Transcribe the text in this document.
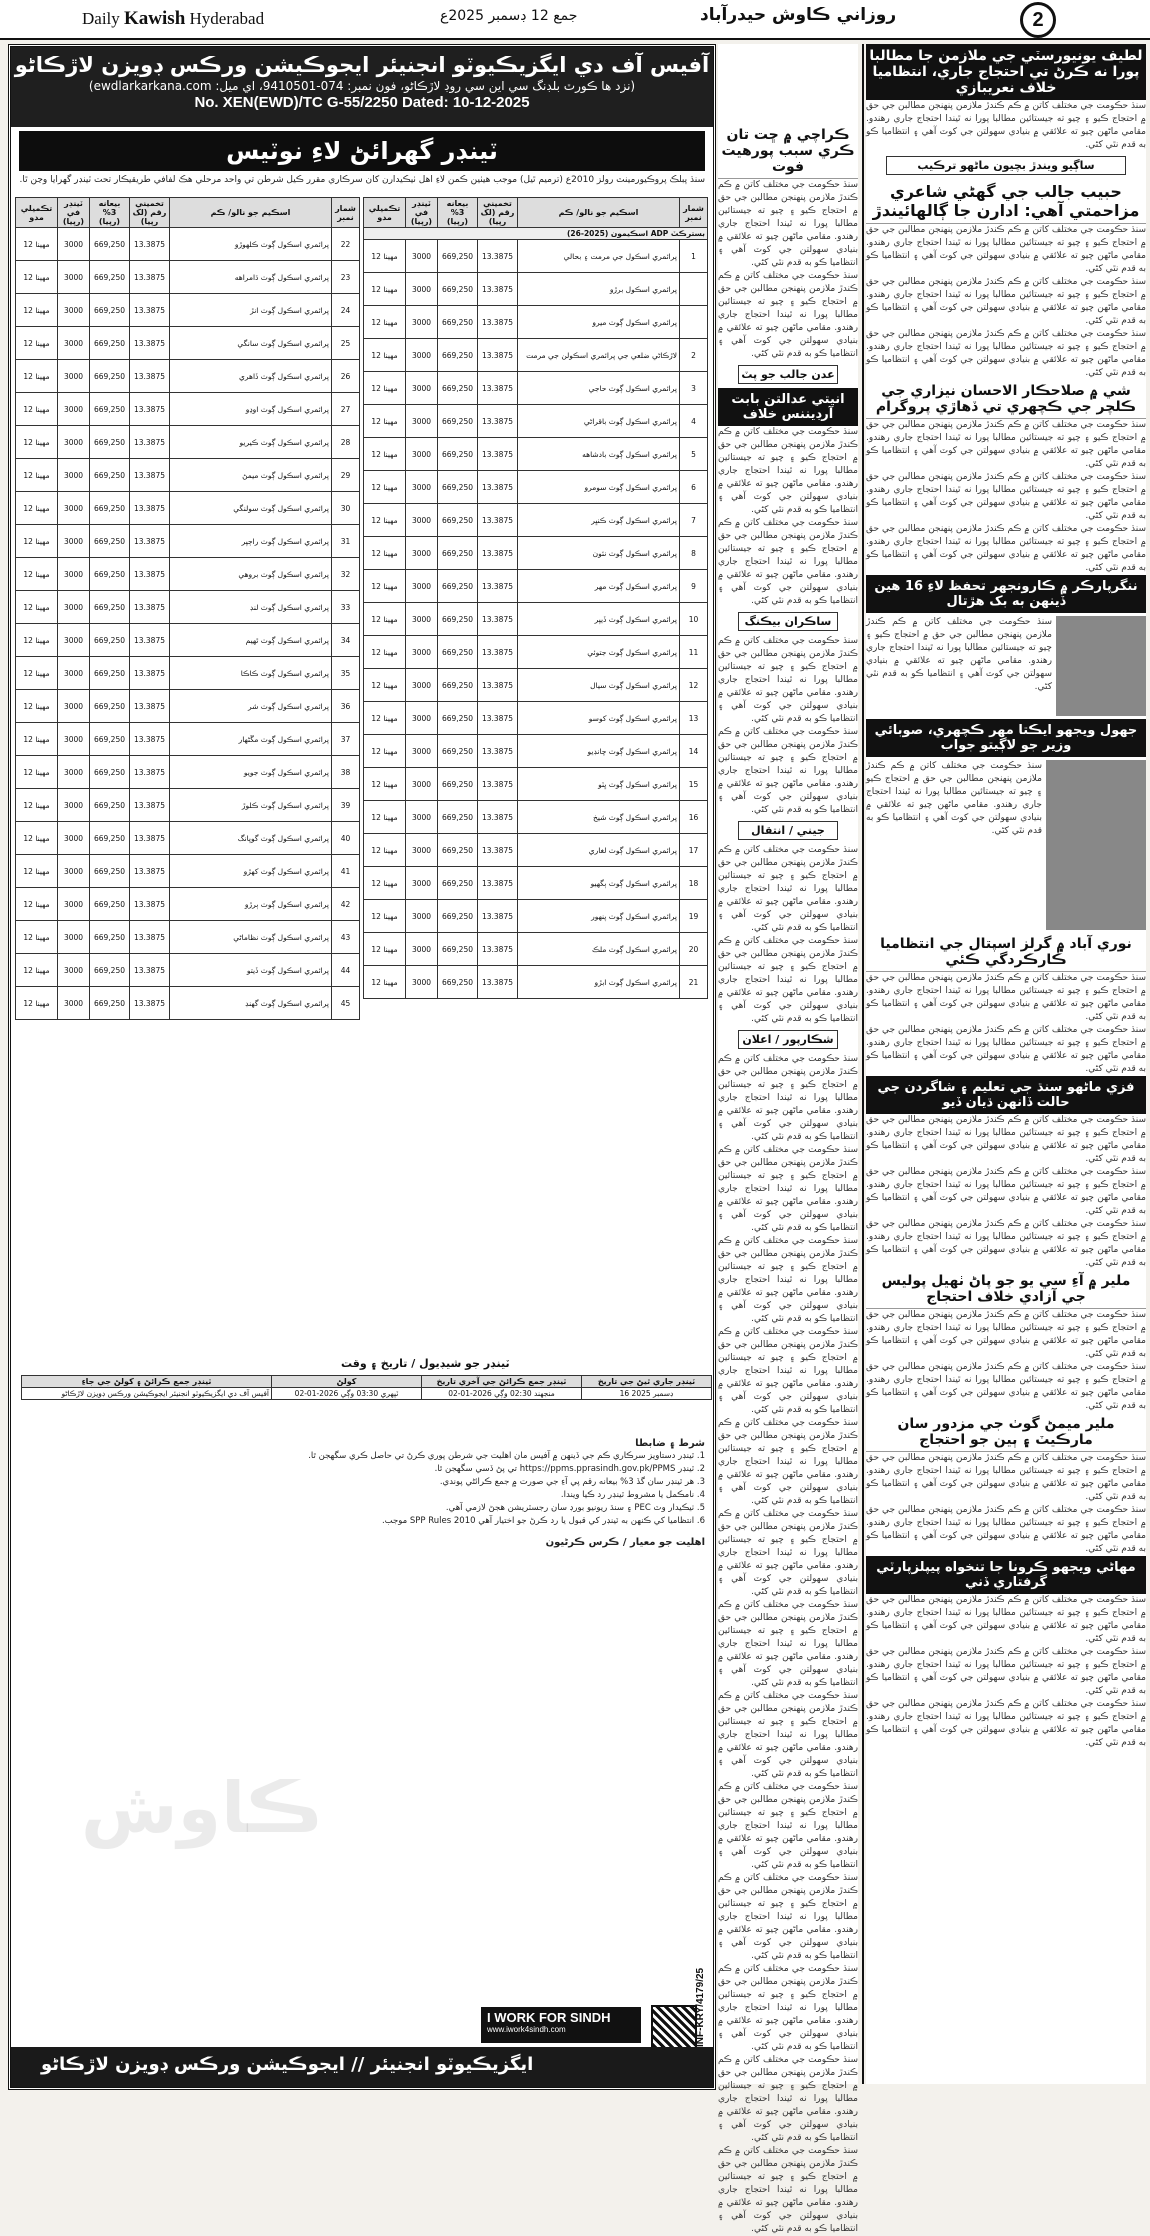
Daily Kawish Hyderabad	جمع 12 ڊسمبر 2025ع	روزاني ڪاوش حيدرآباد	2
آفيس آف دي ايگزيڪيوٽو انجنيئر ايجوڪيشن ورڪس ڊويزن لاڙڪاڻو
(ewdlarkarkana.com :نزد ها ڪورٽ بلڊنگ سي اين سي روڊ لاڙڪاڻو، فون نمبر: 074-9410501، اي ميل)
No. XEN(EWD)/TC G-55/2250 Dated: 10-12-2025
ٽينڊر گهرائڻ لاءِ نوٽيس
سنڌ پبلڪ پروڪيورمينٽ رولز 2010ع (ترميم ٿيل) موجب هيٺين ڪمن لاءِ اهل ٺيڪيدارن کان سرڪاري مقرر ڪيل شرطن تي واحد مرحلي هڪ لفافي طريقيڪار تحت ٽينڊر گهرايا وڃن ٿا.
تڪميلي مدو	ٽينڊر في (رپيا)	بيعانه 3% (رپيا)	تخميني رقم (لک رپيا)	اسڪيم جو نالو/ ڪم	شمار نمبر
12 مهينا	3000	669,250	13.3875	پرائمري اسڪول ڳوٺ ڪلهوڙو	22
12 مهينا	3000	669,250	13.3875	پرائمري اسڪول ڳوٺ ڌامراهه	23
12 مهينا	3000	669,250	13.3875	پرائمري اسڪول ڳوٺ انڙ	24
12 مهينا	3000	669,250	13.3875	پرائمري اسڪول ڳوٺ سانگي	25
12 مهينا	3000	669,250	13.3875	پرائمري اسڪول ڳوٺ ڏاهري	26
12 مهينا	3000	669,250	13.3875	پرائمري اسڪول ڳوٺ اوڍو	27
12 مهينا	3000	669,250	13.3875	پرائمري اسڪول ڳوٺ ڪيريو	28
12 مهينا	3000	669,250	13.3875	پرائمري اسڪول ڳوٺ ميمڻ	29
12 مهينا	3000	669,250	13.3875	پرائمري اسڪول ڳوٺ سولنگي	30
12 مهينا	3000	669,250	13.3875	پرائمري اسڪول ڳوٺ راڄپر	31
12 مهينا	3000	669,250	13.3875	پرائمري اسڪول ڳوٺ بروهي	32
12 مهينا	3000	669,250	13.3875	پرائمري اسڪول ڳوٺ لنڊ	33
12 مهينا	3000	669,250	13.3875	پرائمري اسڪول ڳوٺ ٿهيم	34
12 مهينا	3000	669,250	13.3875	پرائمري اسڪول ڳوٺ ڪاڪا	35
12 مهينا	3000	669,250	13.3875	پرائمري اسڪول ڳوٺ شر	36
12 مهينا	3000	669,250	13.3875	پرائمري اسڪول ڳوٺ مڱڻهار	37
12 مهينا	3000	669,250	13.3875	پرائمري اسڪول ڳوٺ جويو	38
12 مهينا	3000	669,250	13.3875	پرائمري اسڪول ڳوٺ ڪلوڙ	39
12 مهينا	3000	669,250	13.3875	پرائمري اسڪول ڳوٺ گوپانگ	40
12 مهينا	3000	669,250	13.3875	پرائمري اسڪول ڳوٺ کهڙو	41
12 مهينا	3000	669,250	13.3875	پرائمري اسڪول ڳوٺ ٻرڙو	42
12 مهينا	3000	669,250	13.3875	پرائمري اسڪول ڳوٺ نظاماڻي	43
12 مهينا	3000	669,250	13.3875	پرائمري اسڪول ڳوٺ ڏيتو	44
12 مهينا	3000	669,250	13.3875	پرائمري اسڪول ڳوٺ گهنڊ	45
تڪميلي مدو	ٽينڊر في (رپيا)	بيعانه 3% (رپيا)	تخميني رقم (لک رپيا)	اسڪيم جو نالو/ ڪم	شمار نمبر
بسترڪٽ ADP اسڪيمون (2025-26)					
12 مهينا	3000	669,250	13.3875	پرائمري اسڪول جي مرمت ۽ بحالي	1
12 مهينا	3000	669,250	13.3875	پرائمري اسڪول برڙو	
12 مهينا	3000	669,250	13.3875	پرائمري اسڪول ڳوٺ ميرو	
12 مهينا	3000	669,250	13.3875	لاڙڪاڻي ضلعي جي پرائمري اسڪولن جي مرمت	2
12 مهينا	3000	669,250	13.3875	پرائمري اسڪول ڳوٺ حاجي	3
12 مهينا	3000	669,250	13.3875	پرائمري اسڪول ڳوٺ باقراڻي	4
12 مهينا	3000	669,250	13.3875	پرائمري اسڪول ڳوٺ بادشاهه	5
12 مهينا	3000	669,250	13.3875	پرائمري اسڪول ڳوٺ سومرو	6
12 مهينا	3000	669,250	13.3875	پرائمري اسڪول ڳوٺ ڪنڀر	7
12 مهينا	3000	669,250	13.3875	پرائمري اسڪول ڳوٺ نئون	8
12 مهينا	3000	669,250	13.3875	پرائمري اسڪول ڳوٺ مهر	9
12 مهينا	3000	669,250	13.3875	پرائمري اسڪول ڳوٺ ڏيپر	10
12 مهينا	3000	669,250	13.3875	پرائمري اسڪول ڳوٺ جتوئي	11
12 مهينا	3000	669,250	13.3875	پرائمري اسڪول ڳوٺ سيال	12
12 مهينا	3000	669,250	13.3875	پرائمري اسڪول ڳوٺ کوسو	13
12 مهينا	3000	669,250	13.3875	پرائمري اسڪول ڳوٺ چانڊيو	14
12 مهينا	3000	669,250	13.3875	پرائمري اسڪول ڳوٺ ڀٽو	15
12 مهينا	3000	669,250	13.3875	پرائمري اسڪول ڳوٺ شيخ	16
12 مهينا	3000	669,250	13.3875	پرائمري اسڪول ڳوٺ لغاري	17
12 مهينا	3000	669,250	13.3875	پرائمري اسڪول ڳوٺ ٻگهيو	18
12 مهينا	3000	669,250	13.3875	پرائمري اسڪول ڳوٺ پنهور	19
12 مهينا	3000	669,250	13.3875	پرائمري اسڪول ڳوٺ ملڪ	20
12 مهينا	3000	669,250	13.3875	پرائمري اسڪول ڳوٺ ابڙو	21
ٽينڊر جو شيڊيول / تاريخ ۽ وقت
ٽينڊر جمع ڪرائڻ ۽ کولڻ جي جاءِ	کولڻ	ٽينڊر جمع ڪرائڻ جي آخري تاريخ	ٽينڊر جاري ٿيڻ جي تاريخ
آفيس آف دي ايگزيڪيوٽو انجنيئر ايجوڪيشن ورڪس ڊويزن لاڙڪاڻو	02-01-2026 ٽپهري 03:30 وڳي	02-01-2026 منجهند 02:30 وڳي	16 ڊسمبر 2025
شرط ۽ ضابطا
1. ٽينڊر دستاويز سرڪاري ڪم جي ڏينهن ۾ آفيس مان اهليت جي شرطن پوري ڪرڻ تي حاصل ڪري سگهجن ٿا.
2. ٽينڊر https://ppms.pprasindh.gov.pk/PPMS تي پڻ ڏسي سگهجن ٿا.
3. هر ٽينڊر سان گڏ 3% بيعانه رقم پي آءِ جي صورت ۾ جمع ڪرائڻي پوندي.
4. نامڪمل يا مشروط ٽينڊر رد ڪيا ويندا.
5. ٺيڪيدار وٽ PEC ۽ سنڌ ريونيو بورڊ سان رجسٽريشن هجڻ لازمي آهي.
6. انتظاميا کي ڪنهن به ٽينڊر کي قبول يا رد ڪرڻ جو اختيار آهي SPP Rules 2010 موجب.
اهليت جو معيار / ڪرس ڪرڻيون
ڪاوش
I WORK FOR SINDH
www.iwork4sindh.com	INF-KRY/4179/25
ايگزيڪيوٽو انجنيئر // ايجوڪيشن ورڪس ڊويزن لاڙڪاڻو
ڪراچي ۾ ڇت تان ڪري سبب پورهيت فوت

سنڌ حڪومت جي مختلف کاتن ۾ ڪم ڪندڙ ملازمن پنهنجن مطالبن جي حق ۾ احتجاج ڪيو ۽ چيو ته جيستائين مطالبا پورا نه ٿيندا احتجاج جاري رهندو. مقامي ماڻهن چيو ته علائقي ۾ بنيادي سهولتن جي کوٽ آهي ۽ انتظاميا ڪو به قدم نٿي کڻي.

سنڌ حڪومت جي مختلف کاتن ۾ ڪم ڪندڙ ملازمن پنهنجن مطالبن جي حق ۾ احتجاج ڪيو ۽ چيو ته جيستائين مطالبا پورا نه ٿيندا احتجاج جاري رهندو. مقامي ماڻهن چيو ته علائقي ۾ بنيادي سهولتن جي کوٽ آهي ۽ انتظاميا ڪو به قدم نٿي کڻي.

عدن جالب جو پٽ
انيتي عدالتن بابت آرڊيننس خلاف

سنڌ حڪومت جي مختلف کاتن ۾ ڪم ڪندڙ ملازمن پنهنجن مطالبن جي حق ۾ احتجاج ڪيو ۽ چيو ته جيستائين مطالبا پورا نه ٿيندا احتجاج جاري رهندو. مقامي ماڻهن چيو ته علائقي ۾ بنيادي سهولتن جي کوٽ آهي ۽ انتظاميا ڪو به قدم نٿي کڻي.

سنڌ حڪومت جي مختلف کاتن ۾ ڪم ڪندڙ ملازمن پنهنجن مطالبن جي حق ۾ احتجاج ڪيو ۽ چيو ته جيستائين مطالبا پورا نه ٿيندا احتجاج جاري رهندو. مقامي ماڻهن چيو ته علائقي ۾ بنيادي سهولتن جي کوٽ آهي ۽ انتظاميا ڪو به قدم نٿي کڻي.

ساڪران بيڪنگ

سنڌ حڪومت جي مختلف کاتن ۾ ڪم ڪندڙ ملازمن پنهنجن مطالبن جي حق ۾ احتجاج ڪيو ۽ چيو ته جيستائين مطالبا پورا نه ٿيندا احتجاج جاري رهندو. مقامي ماڻهن چيو ته علائقي ۾ بنيادي سهولتن جي کوٽ آهي ۽ انتظاميا ڪو به قدم نٿي کڻي.

سنڌ حڪومت جي مختلف کاتن ۾ ڪم ڪندڙ ملازمن پنهنجن مطالبن جي حق ۾ احتجاج ڪيو ۽ چيو ته جيستائين مطالبا پورا نه ٿيندا احتجاج جاري رهندو. مقامي ماڻهن چيو ته علائقي ۾ بنيادي سهولتن جي کوٽ آهي ۽ انتظاميا ڪو به قدم نٿي کڻي.

جيني / انتقال

سنڌ حڪومت جي مختلف کاتن ۾ ڪم ڪندڙ ملازمن پنهنجن مطالبن جي حق ۾ احتجاج ڪيو ۽ چيو ته جيستائين مطالبا پورا نه ٿيندا احتجاج جاري رهندو. مقامي ماڻهن چيو ته علائقي ۾ بنيادي سهولتن جي کوٽ آهي ۽ انتظاميا ڪو به قدم نٿي کڻي.

سنڌ حڪومت جي مختلف کاتن ۾ ڪم ڪندڙ ملازمن پنهنجن مطالبن جي حق ۾ احتجاج ڪيو ۽ چيو ته جيستائين مطالبا پورا نه ٿيندا احتجاج جاري رهندو. مقامي ماڻهن چيو ته علائقي ۾ بنيادي سهولتن جي کوٽ آهي ۽ انتظاميا ڪو به قدم نٿي کڻي.

شڪارپور / اعلان

سنڌ حڪومت جي مختلف کاتن ۾ ڪم ڪندڙ ملازمن پنهنجن مطالبن جي حق ۾ احتجاج ڪيو ۽ چيو ته جيستائين مطالبا پورا نه ٿيندا احتجاج جاري رهندو. مقامي ماڻهن چيو ته علائقي ۾ بنيادي سهولتن جي کوٽ آهي ۽ انتظاميا ڪو به قدم نٿي کڻي.

سنڌ حڪومت جي مختلف کاتن ۾ ڪم ڪندڙ ملازمن پنهنجن مطالبن جي حق ۾ احتجاج ڪيو ۽ چيو ته جيستائين مطالبا پورا نه ٿيندا احتجاج جاري رهندو. مقامي ماڻهن چيو ته علائقي ۾ بنيادي سهولتن جي کوٽ آهي ۽ انتظاميا ڪو به قدم نٿي کڻي.

سنڌ حڪومت جي مختلف کاتن ۾ ڪم ڪندڙ ملازمن پنهنجن مطالبن جي حق ۾ احتجاج ڪيو ۽ چيو ته جيستائين مطالبا پورا نه ٿيندا احتجاج جاري رهندو. مقامي ماڻهن چيو ته علائقي ۾ بنيادي سهولتن جي کوٽ آهي ۽ انتظاميا ڪو به قدم نٿي کڻي.

سنڌ حڪومت جي مختلف کاتن ۾ ڪم ڪندڙ ملازمن پنهنجن مطالبن جي حق ۾ احتجاج ڪيو ۽ چيو ته جيستائين مطالبا پورا نه ٿيندا احتجاج جاري رهندو. مقامي ماڻهن چيو ته علائقي ۾ بنيادي سهولتن جي کوٽ آهي ۽ انتظاميا ڪو به قدم نٿي کڻي.

سنڌ حڪومت جي مختلف کاتن ۾ ڪم ڪندڙ ملازمن پنهنجن مطالبن جي حق ۾ احتجاج ڪيو ۽ چيو ته جيستائين مطالبا پورا نه ٿيندا احتجاج جاري رهندو. مقامي ماڻهن چيو ته علائقي ۾ بنيادي سهولتن جي کوٽ آهي ۽ انتظاميا ڪو به قدم نٿي کڻي.

سنڌ حڪومت جي مختلف کاتن ۾ ڪم ڪندڙ ملازمن پنهنجن مطالبن جي حق ۾ احتجاج ڪيو ۽ چيو ته جيستائين مطالبا پورا نه ٿيندا احتجاج جاري رهندو. مقامي ماڻهن چيو ته علائقي ۾ بنيادي سهولتن جي کوٽ آهي ۽ انتظاميا ڪو به قدم نٿي کڻي.

سنڌ حڪومت جي مختلف کاتن ۾ ڪم ڪندڙ ملازمن پنهنجن مطالبن جي حق ۾ احتجاج ڪيو ۽ چيو ته جيستائين مطالبا پورا نه ٿيندا احتجاج جاري رهندو. مقامي ماڻهن چيو ته علائقي ۾ بنيادي سهولتن جي کوٽ آهي ۽ انتظاميا ڪو به قدم نٿي کڻي.

سنڌ حڪومت جي مختلف کاتن ۾ ڪم ڪندڙ ملازمن پنهنجن مطالبن جي حق ۾ احتجاج ڪيو ۽ چيو ته جيستائين مطالبا پورا نه ٿيندا احتجاج جاري رهندو. مقامي ماڻهن چيو ته علائقي ۾ بنيادي سهولتن جي کوٽ آهي ۽ انتظاميا ڪو به قدم نٿي کڻي.

سنڌ حڪومت جي مختلف کاتن ۾ ڪم ڪندڙ ملازمن پنهنجن مطالبن جي حق ۾ احتجاج ڪيو ۽ چيو ته جيستائين مطالبا پورا نه ٿيندا احتجاج جاري رهندو. مقامي ماڻهن چيو ته علائقي ۾ بنيادي سهولتن جي کوٽ آهي ۽ انتظاميا ڪو به قدم نٿي کڻي.

سنڌ حڪومت جي مختلف کاتن ۾ ڪم ڪندڙ ملازمن پنهنجن مطالبن جي حق ۾ احتجاج ڪيو ۽ چيو ته جيستائين مطالبا پورا نه ٿيندا احتجاج جاري رهندو. مقامي ماڻهن چيو ته علائقي ۾ بنيادي سهولتن جي کوٽ آهي ۽ انتظاميا ڪو به قدم نٿي کڻي.

سنڌ حڪومت جي مختلف کاتن ۾ ڪم ڪندڙ ملازمن پنهنجن مطالبن جي حق ۾ احتجاج ڪيو ۽ چيو ته جيستائين مطالبا پورا نه ٿيندا احتجاج جاري رهندو. مقامي ماڻهن چيو ته علائقي ۾ بنيادي سهولتن جي کوٽ آهي ۽ انتظاميا ڪو به قدم نٿي کڻي.

سنڌ حڪومت جي مختلف کاتن ۾ ڪم ڪندڙ ملازمن پنهنجن مطالبن جي حق ۾ احتجاج ڪيو ۽ چيو ته جيستائين مطالبا پورا نه ٿيندا احتجاج جاري رهندو. مقامي ماڻهن چيو ته علائقي ۾ بنيادي سهولتن جي کوٽ آهي ۽ انتظاميا ڪو به قدم نٿي کڻي.

سنڌ حڪومت جي مختلف کاتن ۾ ڪم ڪندڙ ملازمن پنهنجن مطالبن جي حق ۾ احتجاج ڪيو ۽ چيو ته جيستائين مطالبا پورا نه ٿيندا احتجاج جاري رهندو. مقامي ماڻهن چيو ته علائقي ۾ بنيادي سهولتن جي کوٽ آهي ۽ انتظاميا ڪو به قدم نٿي کڻي.

لطيف يونيورسٽي جي ملازمن جا مطالبا پورا نه ڪرڻ تي احتجاج جاري، انتظاميا خلاف نعريبازي

سنڌ حڪومت جي مختلف کاتن ۾ ڪم ڪندڙ ملازمن پنهنجن مطالبن جي حق ۾ احتجاج ڪيو ۽ چيو ته جيستائين مطالبا پورا نه ٿيندا احتجاج جاري رهندو. مقامي ماڻهن چيو ته علائقي ۾ بنيادي سهولتن جي کوٽ آهي ۽ انتظاميا ڪو به قدم نٿي کڻي.

ساڳيو ويندڙ بچيون ماڻهو ترڪيب
حبيب جالب جي گهڻي شاعري مزاحمتي آهي: ادارن جا ڳالهائيندڙ

سنڌ حڪومت جي مختلف کاتن ۾ ڪم ڪندڙ ملازمن پنهنجن مطالبن جي حق ۾ احتجاج ڪيو ۽ چيو ته جيستائين مطالبا پورا نه ٿيندا احتجاج جاري رهندو. مقامي ماڻهن چيو ته علائقي ۾ بنيادي سهولتن جي کوٽ آهي ۽ انتظاميا ڪو به قدم نٿي کڻي.

سنڌ حڪومت جي مختلف کاتن ۾ ڪم ڪندڙ ملازمن پنهنجن مطالبن جي حق ۾ احتجاج ڪيو ۽ چيو ته جيستائين مطالبا پورا نه ٿيندا احتجاج جاري رهندو. مقامي ماڻهن چيو ته علائقي ۾ بنيادي سهولتن جي کوٽ آهي ۽ انتظاميا ڪو به قدم نٿي کڻي.

سنڌ حڪومت جي مختلف کاتن ۾ ڪم ڪندڙ ملازمن پنهنجن مطالبن جي حق ۾ احتجاج ڪيو ۽ چيو ته جيستائين مطالبا پورا نه ٿيندا احتجاج جاري رهندو. مقامي ماڻهن چيو ته علائقي ۾ بنيادي سهولتن جي کوٽ آهي ۽ انتظاميا ڪو به قدم نٿي کڻي.

شي ۾ صلاحڪار الاحسان نيزاري جي ڪلچر جي ڪچهري تي ڏهاڙي پروگرام

سنڌ حڪومت جي مختلف کاتن ۾ ڪم ڪندڙ ملازمن پنهنجن مطالبن جي حق ۾ احتجاج ڪيو ۽ چيو ته جيستائين مطالبا پورا نه ٿيندا احتجاج جاري رهندو. مقامي ماڻهن چيو ته علائقي ۾ بنيادي سهولتن جي کوٽ آهي ۽ انتظاميا ڪو به قدم نٿي کڻي.

سنڌ حڪومت جي مختلف کاتن ۾ ڪم ڪندڙ ملازمن پنهنجن مطالبن جي حق ۾ احتجاج ڪيو ۽ چيو ته جيستائين مطالبا پورا نه ٿيندا احتجاج جاري رهندو. مقامي ماڻهن چيو ته علائقي ۾ بنيادي سهولتن جي کوٽ آهي ۽ انتظاميا ڪو به قدم نٿي کڻي.

سنڌ حڪومت جي مختلف کاتن ۾ ڪم ڪندڙ ملازمن پنهنجن مطالبن جي حق ۾ احتجاج ڪيو ۽ چيو ته جيستائين مطالبا پورا نه ٿيندا احتجاج جاري رهندو. مقامي ماڻهن چيو ته علائقي ۾ بنيادي سهولتن جي کوٽ آهي ۽ انتظاميا ڪو به قدم نٿي کڻي.

ننگرپارڪر ۾ ڪارونجهر تحفظ لاءِ 16 هين ڏينهن به بک هڙتال

سنڌ حڪومت جي مختلف کاتن ۾ ڪم ڪندڙ ملازمن پنهنجن مطالبن جي حق ۾ احتجاج ڪيو ۽ چيو ته جيستائين مطالبا پورا نه ٿيندا احتجاج جاري رهندو. مقامي ماڻهن چيو ته علائقي ۾ بنيادي سهولتن جي کوٽ آهي ۽ انتظاميا ڪو به قدم نٿي کڻي.

جهول ويجهو ايڪتا مهر ڪچهري، صوبائي وزير جو لاڳيتو جواب

سنڌ حڪومت جي مختلف کاتن ۾ ڪم ڪندڙ ملازمن پنهنجن مطالبن جي حق ۾ احتجاج ڪيو ۽ چيو ته جيستائين مطالبا پورا نه ٿيندا احتجاج جاري رهندو. مقامي ماڻهن چيو ته علائقي ۾ بنيادي سهولتن جي کوٽ آهي ۽ انتظاميا ڪو به قدم نٿي کڻي.

نوري آباد ۾ گرلز اسپتال جي انتظاميا ڪارڪردگي ڪئي

سنڌ حڪومت جي مختلف کاتن ۾ ڪم ڪندڙ ملازمن پنهنجن مطالبن جي حق ۾ احتجاج ڪيو ۽ چيو ته جيستائين مطالبا پورا نه ٿيندا احتجاج جاري رهندو. مقامي ماڻهن چيو ته علائقي ۾ بنيادي سهولتن جي کوٽ آهي ۽ انتظاميا ڪو به قدم نٿي کڻي.

سنڌ حڪومت جي مختلف کاتن ۾ ڪم ڪندڙ ملازمن پنهنجن مطالبن جي حق ۾ احتجاج ڪيو ۽ چيو ته جيستائين مطالبا پورا نه ٿيندا احتجاج جاري رهندو. مقامي ماڻهن چيو ته علائقي ۾ بنيادي سهولتن جي کوٽ آهي ۽ انتظاميا ڪو به قدم نٿي کڻي.

فزي ماڻهو سنڌ جي تعليم ۽ شاگردن جي حالت ڏانهن ڌيان ڏيو

سنڌ حڪومت جي مختلف کاتن ۾ ڪم ڪندڙ ملازمن پنهنجن مطالبن جي حق ۾ احتجاج ڪيو ۽ چيو ته جيستائين مطالبا پورا نه ٿيندا احتجاج جاري رهندو. مقامي ماڻهن چيو ته علائقي ۾ بنيادي سهولتن جي کوٽ آهي ۽ انتظاميا ڪو به قدم نٿي کڻي.

سنڌ حڪومت جي مختلف کاتن ۾ ڪم ڪندڙ ملازمن پنهنجن مطالبن جي حق ۾ احتجاج ڪيو ۽ چيو ته جيستائين مطالبا پورا نه ٿيندا احتجاج جاري رهندو. مقامي ماڻهن چيو ته علائقي ۾ بنيادي سهولتن جي کوٽ آهي ۽ انتظاميا ڪو به قدم نٿي کڻي.

سنڌ حڪومت جي مختلف کاتن ۾ ڪم ڪندڙ ملازمن پنهنجن مطالبن جي حق ۾ احتجاج ڪيو ۽ چيو ته جيستائين مطالبا پورا نه ٿيندا احتجاج جاري رهندو. مقامي ماڻهن چيو ته علائقي ۾ بنيادي سهولتن جي کوٽ آهي ۽ انتظاميا ڪو به قدم نٿي کڻي.

ملير ۾ آءِ سي يو جو پاڻ ٺهيل پوليس جي آزادي خلاف احتجاج

سنڌ حڪومت جي مختلف کاتن ۾ ڪم ڪندڙ ملازمن پنهنجن مطالبن جي حق ۾ احتجاج ڪيو ۽ چيو ته جيستائين مطالبا پورا نه ٿيندا احتجاج جاري رهندو. مقامي ماڻهن چيو ته علائقي ۾ بنيادي سهولتن جي کوٽ آهي ۽ انتظاميا ڪو به قدم نٿي کڻي.

سنڌ حڪومت جي مختلف کاتن ۾ ڪم ڪندڙ ملازمن پنهنجن مطالبن جي حق ۾ احتجاج ڪيو ۽ چيو ته جيستائين مطالبا پورا نه ٿيندا احتجاج جاري رهندو. مقامي ماڻهن چيو ته علائقي ۾ بنيادي سهولتن جي کوٽ آهي ۽ انتظاميا ڪو به قدم نٿي کڻي.

ملير ميمڻ گوٺ جي مزدور سان مارڪيٽ ۽ ٻين جو احتجاج

سنڌ حڪومت جي مختلف کاتن ۾ ڪم ڪندڙ ملازمن پنهنجن مطالبن جي حق ۾ احتجاج ڪيو ۽ چيو ته جيستائين مطالبا پورا نه ٿيندا احتجاج جاري رهندو. مقامي ماڻهن چيو ته علائقي ۾ بنيادي سهولتن جي کوٽ آهي ۽ انتظاميا ڪو به قدم نٿي کڻي.

سنڌ حڪومت جي مختلف کاتن ۾ ڪم ڪندڙ ملازمن پنهنجن مطالبن جي حق ۾ احتجاج ڪيو ۽ چيو ته جيستائين مطالبا پورا نه ٿيندا احتجاج جاري رهندو. مقامي ماڻهن چيو ته علائقي ۾ بنيادي سهولتن جي کوٽ آهي ۽ انتظاميا ڪو به قدم نٿي کڻي.

مهاڻي ويجهو ڪرونا جا تنخواه پيپلزپارٽي گرفتاري ڏني

سنڌ حڪومت جي مختلف کاتن ۾ ڪم ڪندڙ ملازمن پنهنجن مطالبن جي حق ۾ احتجاج ڪيو ۽ چيو ته جيستائين مطالبا پورا نه ٿيندا احتجاج جاري رهندو. مقامي ماڻهن چيو ته علائقي ۾ بنيادي سهولتن جي کوٽ آهي ۽ انتظاميا ڪو به قدم نٿي کڻي.

سنڌ حڪومت جي مختلف کاتن ۾ ڪم ڪندڙ ملازمن پنهنجن مطالبن جي حق ۾ احتجاج ڪيو ۽ چيو ته جيستائين مطالبا پورا نه ٿيندا احتجاج جاري رهندو. مقامي ماڻهن چيو ته علائقي ۾ بنيادي سهولتن جي کوٽ آهي ۽ انتظاميا ڪو به قدم نٿي کڻي.

سنڌ حڪومت جي مختلف کاتن ۾ ڪم ڪندڙ ملازمن پنهنجن مطالبن جي حق ۾ احتجاج ڪيو ۽ چيو ته جيستائين مطالبا پورا نه ٿيندا احتجاج جاري رهندو. مقامي ماڻهن چيو ته علائقي ۾ بنيادي سهولتن جي کوٽ آهي ۽ انتظاميا ڪو به قدم نٿي کڻي.
